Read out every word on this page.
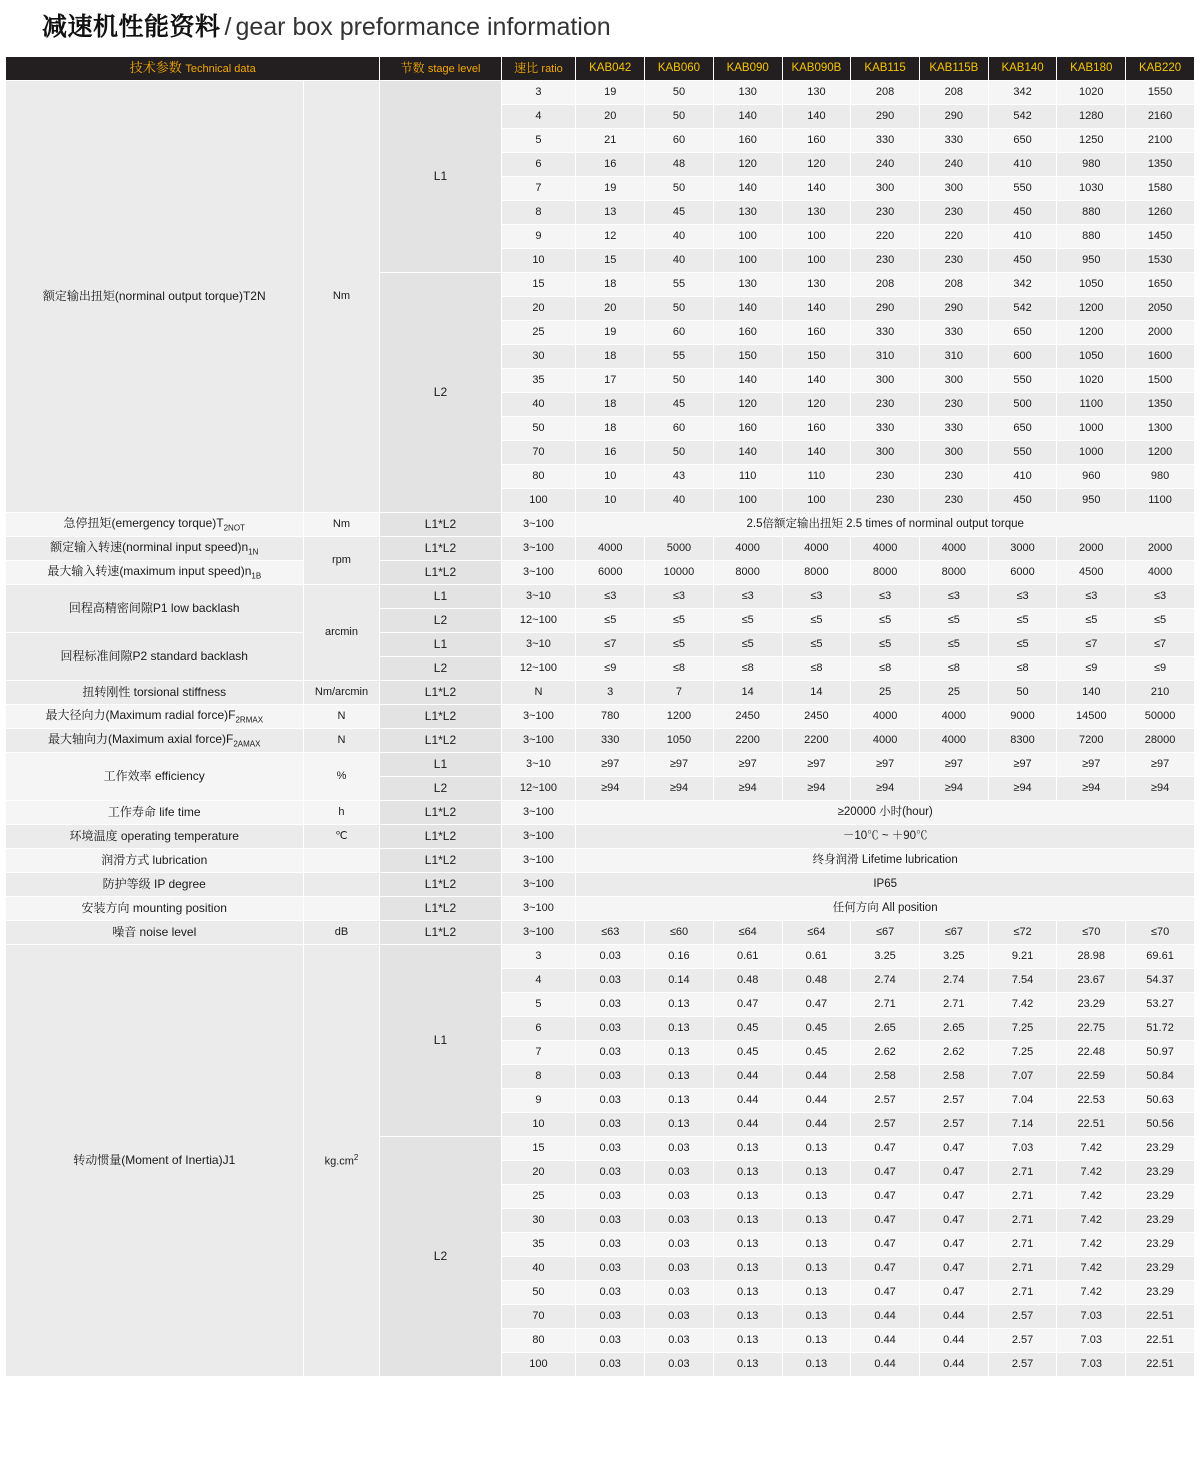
减速机性能资料 / gear box preformance information
技术参数 Technical data		节数 stage level	速比 ratio	KAB042	KAB060	KAB090	KAB090B	KAB115	KAB115B	KAB140	KAB180	KAB220
额定输出扭矩(norminal output torque)T2N	Nm	L1	3	19	50	130	130	208	208	342	1020	1550
			4	20	50	140	140	290	290	542	1280	2160
			5	21	60	160	160	330	330	650	1250	2100
			6	16	48	120	120	240	240	410	980	1350
			7	19	50	140	140	300	300	550	1030	1580
			8	13	45	130	130	230	230	450	880	1260
			9	12	40	100	100	220	220	410	880	1450
			10	15	40	100	100	230	230	450	950	1530
		L2	15	18	55	130	130	208	208	342	1050	1650
			20	20	50	140	140	290	290	542	1200	2050
			25	19	60	160	160	330	330	650	1200	2000
			30	18	55	150	150	310	310	600	1050	1600
			35	17	50	140	140	300	300	550	1020	1500
			40	18	45	120	120	230	230	500	1100	1350
			50	18	60	160	160	330	330	650	1000	1300
			70	16	50	140	140	300	300	550	1000	1200
			80	10	43	110	110	230	230	410	960	980
			100	10	40	100	100	230	230	450	950	1100
急停扭矩(emergency $torque)T_{2NOT}$	Nm	L1*L2	3~100	2.5倍额定输出扭矩 2.5 times of norminal output torque								
额定输入转速(norminal input $speed)n_{1N}$	rpm	L1*L2	3~100	4000	5000	4000	4000	4000	4000	3000	2000	2000
最大输入转速(maximum input $speed)n_{1B}$		L1*L2	3~100	6000	10000	8000	8000	8000	8000	6000	4500	4000
回程高精密间隙P1 low backlash	arcmin	L1	3~10	≤3	≤3	≤3	≤3	≤3	≤3	≤3	≤3	≤3
		L2	12~100	≤5	≤5	≤5	≤5	≤5	≤5	≤5	≤5	≤5
回程标准间隙P2 standard backlash		L1	3~10	≤7	≤5	≤5	≤5	≤5	≤5	≤5	≤7	≤7
		L2	12~100	≤9	≤8	≤8	≤8	≤8	≤8	≤8	≤9	≤9
扭转刚性 torsional stiffness	Nm/arcmin	L1*L2	N	3	7	14	14	25	25	50	140	210
最大径向力(Maximum radial $force)F_{2RMAX}$	N	L1*L2	3~100	780	1200	2450	2450	4000	4000	9000	14500	50000
最大轴向力(Maximum axial $force)F_{2AMAX}$	N	L1*L2	3~100	330	1050	2200	2200	4000	4000	8300	7200	28000
工作效率 efficiency	%	L1	3~10	≥97	≥97	≥97	≥97	≥97	≥97	≥97	≥97	≥97
		L2	12~100	≥94	≥94	≥94	≥94	≥94	≥94	≥94	≥94	≥94
工作寿命 life time	h	L1*L2	3~100	≥20000 小时(hour)								
环境温度 operating temperature	℃	L1*L2	3~100	－10℃ ~ ＋90℃								
润滑方式 lubrication		L1*L2	3~100	终身润滑 Lifetime lubrication								
防护等级 IP degree		L1*L2	3~100	IP65								
安装方向 mounting position		L1*L2	3~100	任何方向 All position								
噪音 noise level	dB	L1*L2	3~100	≤63	≤60	≤64	≤64	≤67	≤67	≤72	≤70	≤70
转动惯量(Moment of Inertia)J1	$kg.cm^2$	L1	3	0.03	0.16	0.61	0.61	3.25	3.25	9.21	28.98	69.61
			4	0.03	0.14	0.48	0.48	2.74	2.74	7.54	23.67	54.37
			5	0.03	0.13	0.47	0.47	2.71	2.71	7.42	23.29	53.27
			6	0.03	0.13	0.45	0.45	2.65	2.65	7.25	22.75	51.72
			7	0.03	0.13	0.45	0.45	2.62	2.62	7.25	22.48	50.97
			8	0.03	0.13	0.44	0.44	2.58	2.58	7.07	22.59	50.84
			9	0.03	0.13	0.44	0.44	2.57	2.57	7.04	22.53	50.63
			10	0.03	0.13	0.44	0.44	2.57	2.57	7.14	22.51	50.56
		L2	15	0.03	0.03	0.13	0.13	0.47	0.47	7.03	7.42	23.29
			20	0.03	0.03	0.13	0.13	0.47	0.47	2.71	7.42	23.29
			25	0.03	0.03	0.13	0.13	0.47	0.47	2.71	7.42	23.29
			30	0.03	0.03	0.13	0.13	0.47	0.47	2.71	7.42	23.29
			35	0.03	0.03	0.13	0.13	0.47	0.47	2.71	7.42	23.29
			40	0.03	0.03	0.13	0.13	0.47	0.47	2.71	7.42	23.29
			50	0.03	0.03	0.13	0.13	0.47	0.47	2.71	7.42	23.29
			70	0.03	0.03	0.13	0.13	0.44	0.44	2.57	7.03	22.51
			80	0.03	0.03	0.13	0.13	0.44	0.44	2.57	7.03	22.51
			100	0.03	0.03	0.13	0.13	0.44	0.44	2.57	7.03	22.51
